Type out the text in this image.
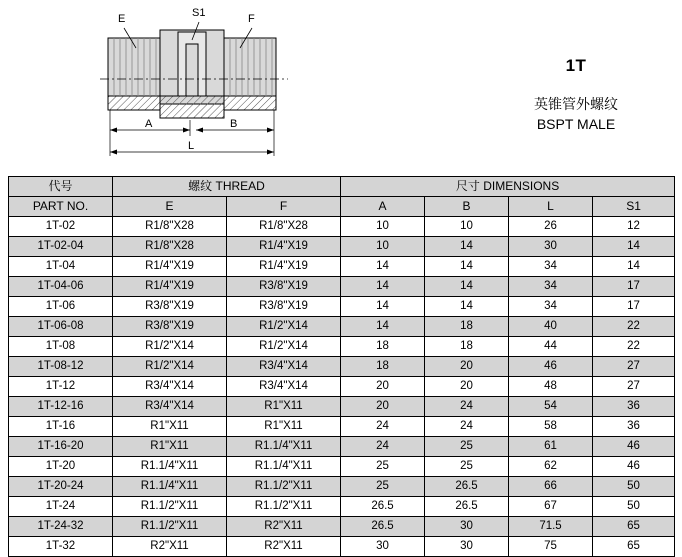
E	S1	F
A	B
L
1T
英锥管外螺纹
BSPT MALE
代号	螺纹 THREAD		尺寸 DIMENSIONS			
PART NO.	E	F	A	B	L	S1
1T-02	R1/8"X28	R1/8"X28	10	10	26	12
1T-02-04	R1/8"X28	R1/4"X19	10	14	30	14
1T-04	R1/4"X19	R1/4"X19	14	14	34	14
1T-04-06	R1/4"X19	R3/8"X19	14	14	34	17
1T-06	R3/8"X19	R3/8"X19	14	14	34	17
1T-06-08	R3/8"X19	R1/2"X14	14	18	40	22
1T-08	R1/2"X14	R1/2"X14	18	18	44	22
1T-08-12	R1/2"X14	R3/4"X14	18	20	46	27
1T-12	R3/4"X14	R3/4"X14	20	20	48	27
1T-12-16	R3/4"X14	R1"X11	20	24	54	36
1T-16	R1"X11	R1"X11	24	24	58	36
1T-16-20	R1"X11	R1.1/4"X11	24	25	61	46
1T-20	R1.1/4"X11	R1.1/4"X11	25	25	62	46
1T-20-24	R1.1/4"X11	R1.1/2"X11	25	26.5	66	50
1T-24	R1.1/2"X11	R1.1/2"X11	26.5	26.5	67	50
1T-24-32	R1.1/2"X11	R2"X11	26.5	30	71.5	65
1T-32	R2"X11	R2"X11	30	30	75	65
